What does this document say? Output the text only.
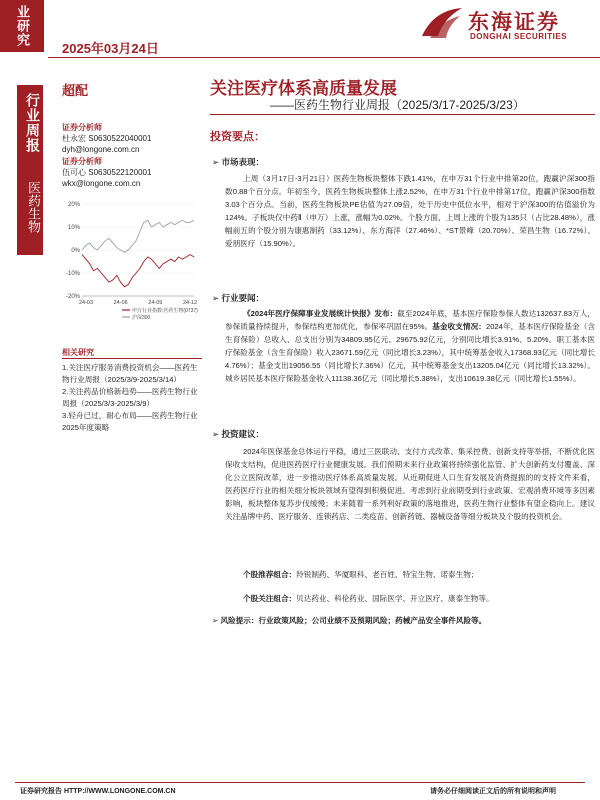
业研究
2025年03月24日
东海证券
DONGHAI SECURITIES
行业周报
医药生物
超配	关注医疗体系高质量发展
——医药生物行业周报（2025/3/17-2025/3/23）
证券分析师
杜永宏 S0630522040001
dyh@longone.com.cn
证券分析师
伍可心 S0630522120001
wkx@longone.com.cn
20%
10%
0%
-10%
-20%
24-03	24-06	24-09	24-12
申万行业指数:医药生物(0737)
沪深300
相关研究
1.关注医疗服务消费投资机会——医药生物行业周报（2025/3/9-2025/3/14）
2.关注药品价格新趋势——医药生物行业周报（2025/3/3-2025/3/9）
3.轻舟已过，耐心布局——医药生物行业2025年度策略
投资要点：
➢ 市场表现：
上周（3月17日-3月21日）医药生物板块整体下跌1.41%，在申万31个行业中排第20位，跑赢沪深300指数0.88个百分点。年初至今，医药生物板块整体上涨2.52%，在申万31个行业中排第17位，跑赢沪深300指数3.03个百分点。当前，医药生物板块PE估值为27.09倍，处于历史中低位水平，相对于沪深300的估值溢价为124%。子板块仅中药Ⅱ（申万）上涨，涨幅为0.02%。个股方面，上周上涨的个股为135只（占比28.48%），涨幅前五的个股分别为康惠制药（33.12%）、东方海洋（27.46%）、*ST景峰（20.70%）、荣昌生物（16.72%）、爱朋医疗（15.90%）。
➢ 行业要闻：
《2024年医疗保障事业发展统计快报》发布：截至2024年底，基本医疗保险参保人数达132637.83万人，参保质量持续提升，参保结构更加优化，参保率巩固在95%。基金收支情况：2024年，基本医疗保险基金（含生育保险）总收入、总支出分别为34809.95亿元、29675.92亿元，分别同比增长3.91%、5.20%。职工基本医疗保险基金（含生育保险）收入23671.59亿元（同比增长3.23%），其中统筹基金收入17368.93亿元（同比增长4.76%）；基金支出19056.55（同比增长7.36%）亿元，其中统筹基金支出13205.04亿元（同比增长13.32%）。城乡居民基本医疗保险基金收入11138.36亿元（同比增长5.38%），支出10619.38亿元（同比增长1.55%）。
➢ 投资建议：
2024年医保基金总体运行平稳，通过三医联动、支付方式改革、集采控费、创新支持等举措，不断优化医保收支结构，促进医药医疗行业健康发展。我们预期未来行业政策将持续强化监管、扩大创新药支付覆盖、深化公立医院改革，进一步推动医疗体系高质量发展。从近期促进人口生育发展及消费提振的的支持文件来看，医药医疗行业的相关细分板块领域有望得到积极促进。考虑到行业前期受到行业政策、宏观消费环境等多因素影响，板块整体复苏步伐缓慢；未来随着一系列利好政策的落地推进，医药生物行业整体有望企稳向上。建议关注晶牌中药、医疗服务、连锁药店、二类疫苗、创新药链、器械设备等细分板块及个股的投资机会。
个股推荐组合：羚锐制药、华厦眼科、老百姓、特宝生物、诺泰生物；
个股关注组合：贝达药业、科伦药业、国际医学、开立医疗、康泰生物等。
➢ 风险提示：行业政策风险；公司业绩不及预期风险；药械产品安全事件风险等。
证券研究报告 HTTP://WWW.LONGONE.COM.CN	请务必仔细阅读正文后的所有说明和声明
